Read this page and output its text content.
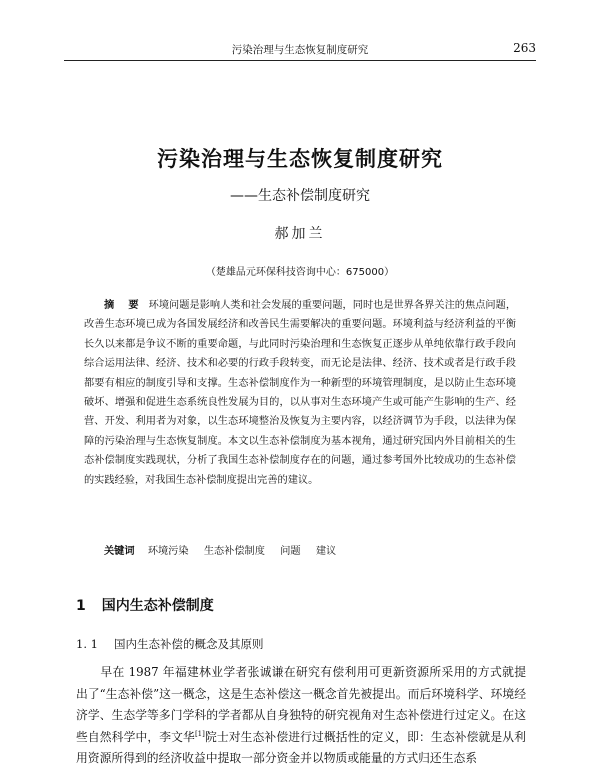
污染治理与生态恢复制度研究	263
污染治理与生态恢复制度研究
——生态补偿制度研究
郝加兰
（楚雄品元环保科技咨询中心：675000）
摘　要 环境问题是影响人类和社会发展的重要问题，同时也是世界各界关注的焦点问题，改善生态环境已成为各国发展经济和改善民生需要解决的重要问题。环境利益与经济利益的平衡长久以来都是争议不断的重要命题，与此同时污染治理和生态恢复正逐步从单纯依靠行政手段向综合运用法律、经济、技术和必要的行政手段转变，而无论是法律、经济、技术或者是行政手段都要有相应的制度引导和支撑。生态补偿制度作为一种新型的环境管理制度，是以防止生态环境破坏、增强和促进生态系统良性发展为目的，以从事对生态环境产生或可能产生影响的生产、经营、开发、利用者为对象，以生态环境整治及恢复为主要内容，以经济调节为手段，以法律为保障的污染治理与生态恢复制度。本文以生态补偿制度为基本视角，通过研究国内外目前相关的生态补偿制度实践现状，分析了我国生态补偿制度存在的问题，通过参考国外比较成功的生态补偿的实践经验，对我国生态补偿制度提出完善的建议。
关键词 环境污染 生态补偿制度 问题 建议
1 国内生态补偿制度
1. 1 国内生态补偿的概念及其原则
早在 1987 年福建林业学者张诚谦在研究有偿利用可更新资源所采用的方式就提出了“生态补偿”这一概念，这是生态补偿这一概念首先被提出。而后环境科学、环境经济学、生态学等多门学科的学者都从自身独特的研究视角对生态补偿进行过定义。在这些自然科学中，李文华[1]院士对生态补偿进行过概括性的定义，即：生态补偿就是从利用资源所得到的经济收益中提取一部分资金并以物质或能量的方式归还生态系
